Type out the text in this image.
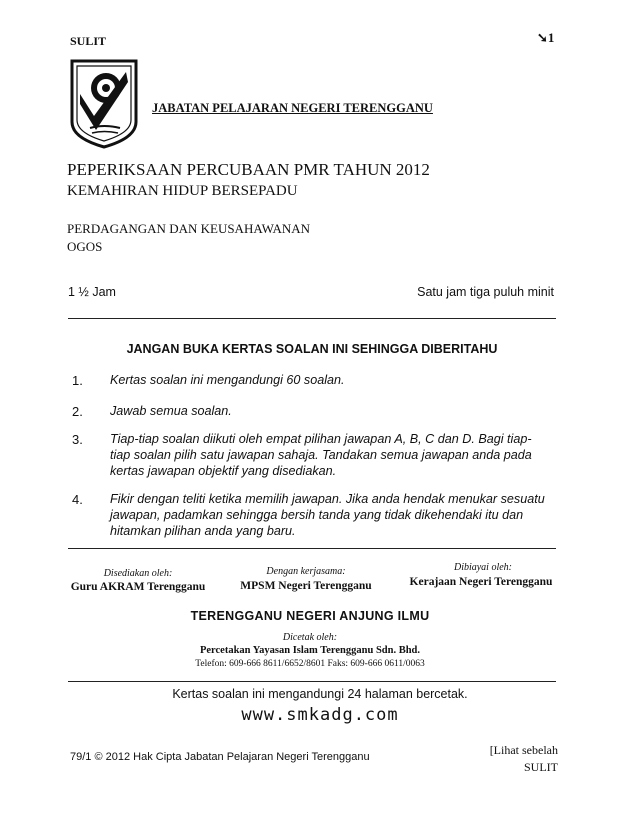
SULIT	➘1
JABATAN PELAJARAN NEGERI TERENGGANU
PEPERIKSAAN PERCUBAAN PMR TAHUN 2012
KEMAHIRAN HIDUP BERSEPADU
PERDAGANGAN DAN KEUSAHAWANAN
OGOS
1 ½ Jam	Satu jam tiga puluh minit
JANGAN BUKA KERTAS SOALAN INI SEHINGGA DIBERITAHU
1. Kertas soalan ini mengandungi 60 soalan.
2. Jawab semua soalan.
3. Tiap-tiap soalan diikuti oleh empat pilihan jawapan A, B, C dan D. Bagi tiap-tiap soalan pilih satu jawapan sahaja. Tandakan semua jawapan anda pada kertas jawapan objektif yang disediakan.
4. Fikir dengan teliti ketika memilih jawapan. Jika anda hendak menukar sesuatu jawapan, padamkan sehingga bersih tanda yang tidak dikehendaki itu dan hitamkan pilihan anda yang baru.
Disediakan oleh:
Guru AKRAM Terengganu
Dengan kerjasama:
MPSM Negeri Terengganu
Dibiayai oleh:
Kerajaan Negeri Terengganu
TERENGGANU NEGERI ANJUNG ILMU
Dicetak oleh:
Percetakan Yayasan Islam Terengganu Sdn. Bhd.
Telefon: 609-666 8611/6652/8601 Faks: 609-666 0611/0063
Kertas soalan ini mengandungi 24 halaman bercetak.
www.smkadg.com
79/1 © 2012 Hak Cipta Jabatan Pelajaran Negeri Terengganu	[Lihat sebelah
SULIT
